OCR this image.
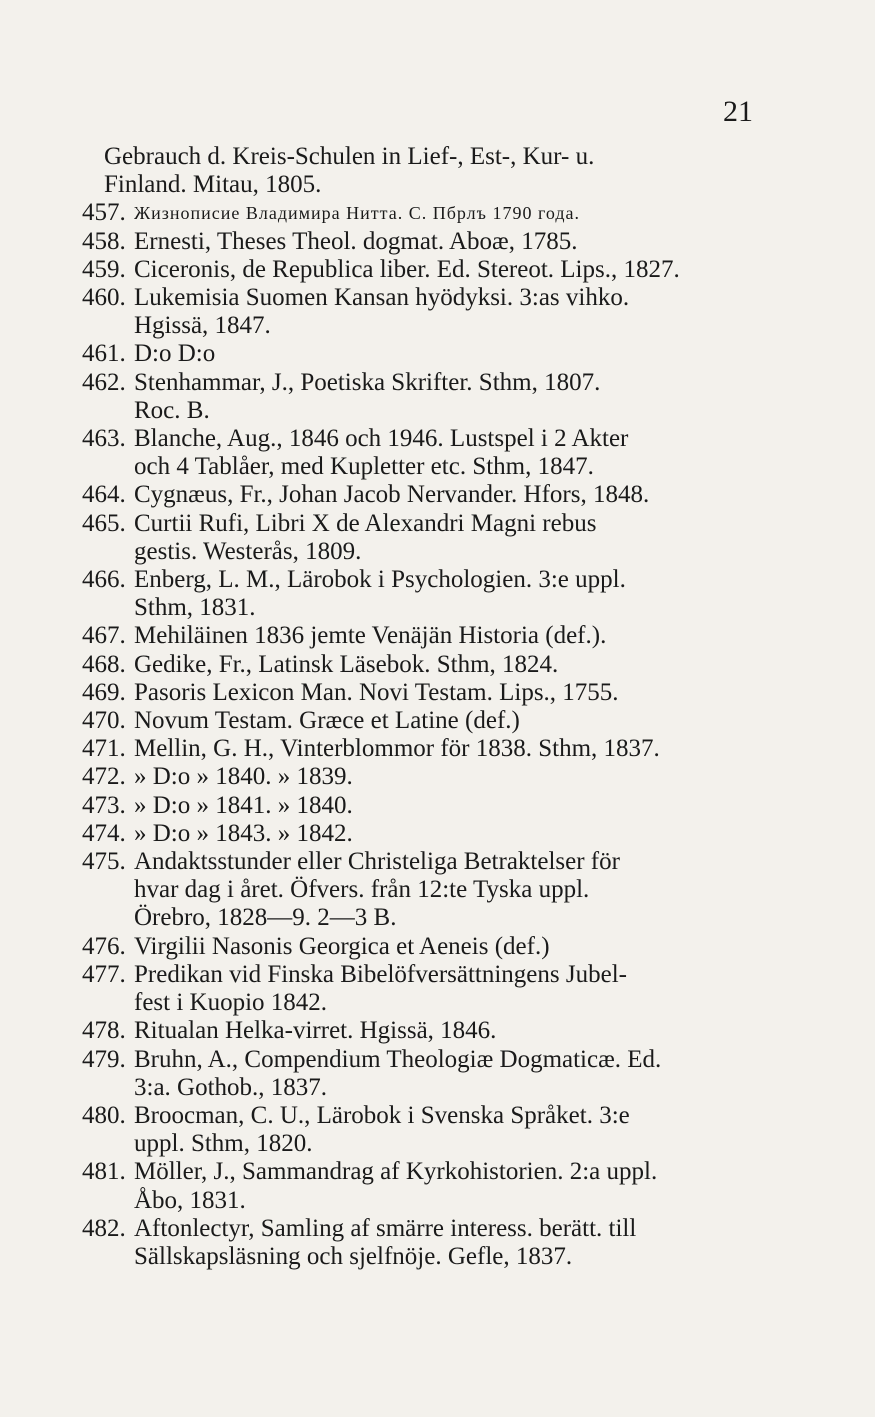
21
Gebrauch d. Kreis-Schulen in Lief-, Est-, Kur- u.
Finland. Mitau, 1805.
457. Жизнописие Владимира Нитта. С. Пбрлъ 1790 года.
458. Ernesti, Theses Theol. dogmat. Aboæ, 1785.
459. Ciceronis, de Republica liber. Ed. Stereot. Lips., 1827.
460. Lukemisia Suomen Kansan hyödyksi. 3:as vihko.
Hgissä, 1847.
461. D:o D:o
462. Stenhammar, J., Poetiska Skrifter. Sthm, 1807.
Roc. B.
463. Blanche, Aug., 1846 och 1946. Lustspel i 2 Akter
och 4 Tablåer, med Kupletter etc. Sthm, 1847.
464. Cygnæus, Fr., Johan Jacob Nervander. Hfors, 1848.
465. Curtii Rufi, Libri X de Alexandri Magni rebus
gestis. Westerås, 1809.
466. Enberg, L. M., Lärobok i Psychologien. 3:e uppl.
Sthm, 1831.
467. Mehiläinen 1836 jemte Venäjän Historia (def.).
468. Gedike, Fr., Latinsk Läsebok. Sthm, 1824.
469. Pasoris Lexicon Man. Novi Testam. Lips., 1755.
470. Novum Testam. Græce et Latine (def.)
471. Mellin, G. H., Vinterblommor för 1838. Sthm, 1837.
472. » D:o » 1840. » 1839.
473. » D:o » 1841. » 1840.
474. » D:o » 1843. » 1842.
475. Andaktsstunder eller Christeliga Betraktelser för
hvar dag i året. Öfvers. från 12:te Tyska uppl.
Örebro, 1828—9. 2—3 B.
476. Virgilii Nasonis Georgica et Aeneis (def.)
477. Predikan vid Finska Bibelöfversättningens Jubel-
fest i Kuopio 1842.
478. Ritualan Helka-virret. Hgissä, 1846.
479. Bruhn, A., Compendium Theologiæ Dogmaticæ. Ed.
3:a. Gothob., 1837.
480. Broocman, C. U., Lärobok i Svenska Språket. 3:e
uppl. Sthm, 1820.
481. Möller, J., Sammandrag af Kyrkohistorien. 2:a uppl.
Åbo, 1831.
482. Aftonlectyr, Samling af smärre interess. berätt. till
Sällskapsläsning och sjelfnöje. Gefle, 1837.
